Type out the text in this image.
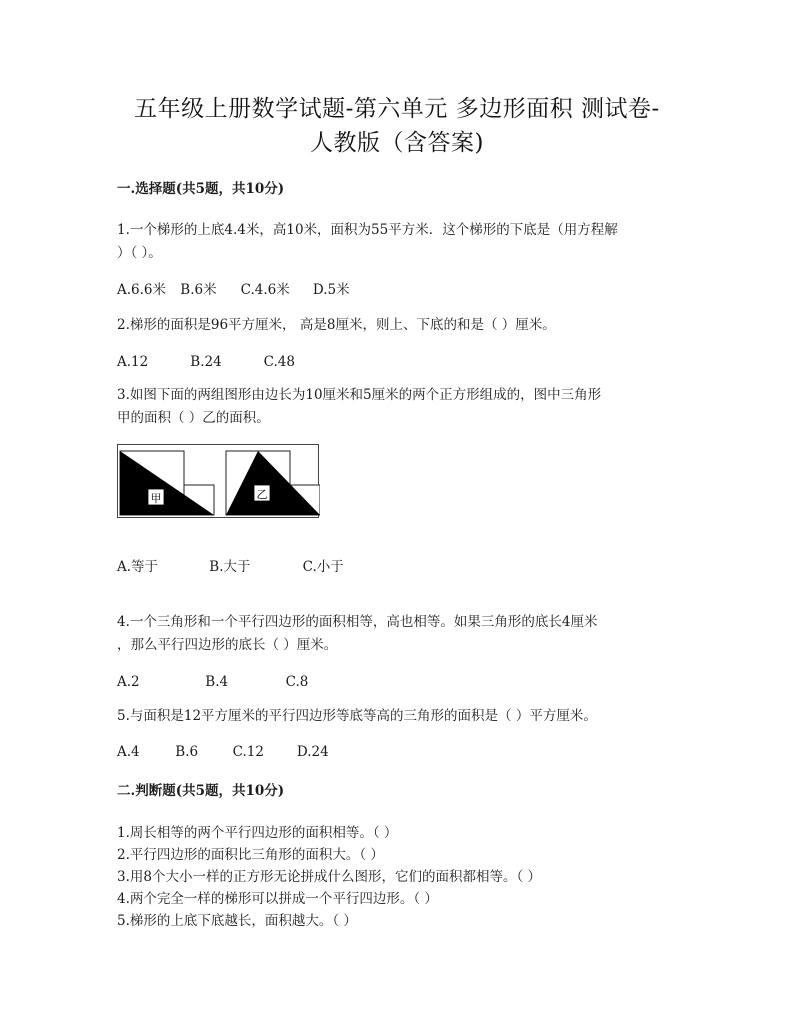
五年级上册数学试题-第六单元 多边形面积 测试卷-
人教版（含答案)
一.选择题(共5题，共10分)
1.一个梯形的上底4.4米，高10米，面积为55平方米．这个梯形的下底是（用方程解
）（ ）。
A.6.6米 B.6米 C.4.6米 D.5米
2.梯形的面积是96平方厘米， 高是8厘米，则上、下底的和是（ ）厘米。
A.12	B.24	C.48
3.如图下面的两组图形由边长为10厘米和5厘米的两个正方形组成的，图中三角形
甲的面积（ ）乙的面积。
甲	乙
A.等于	B.大于	C.小于
4.一个三角形和一个平行四边形的面积相等，高也相等。如果三角形的底长4厘米
，那么平行四边形的底长（ ）厘米。
A.2	B.4	C.8
5.与面积是12平方厘米的平行四边形等底等高的三角形的面积是（ ）平方厘米。
A.4	B.6	C.12 D.24
二.判断题(共5题，共10分)
1.周长相等的两个平行四边形的面积相等。（ ）
2.平行四边形的面积比三角形的面积大。（ ）
3.用8个大小一样的正方形无论拼成什么图形，它们的面积都相等。（ ）
4.两个完全一样的梯形可以拼成一个平行四边形。（ ）
5.梯形的上底下底越长，面积越大。（ ）
